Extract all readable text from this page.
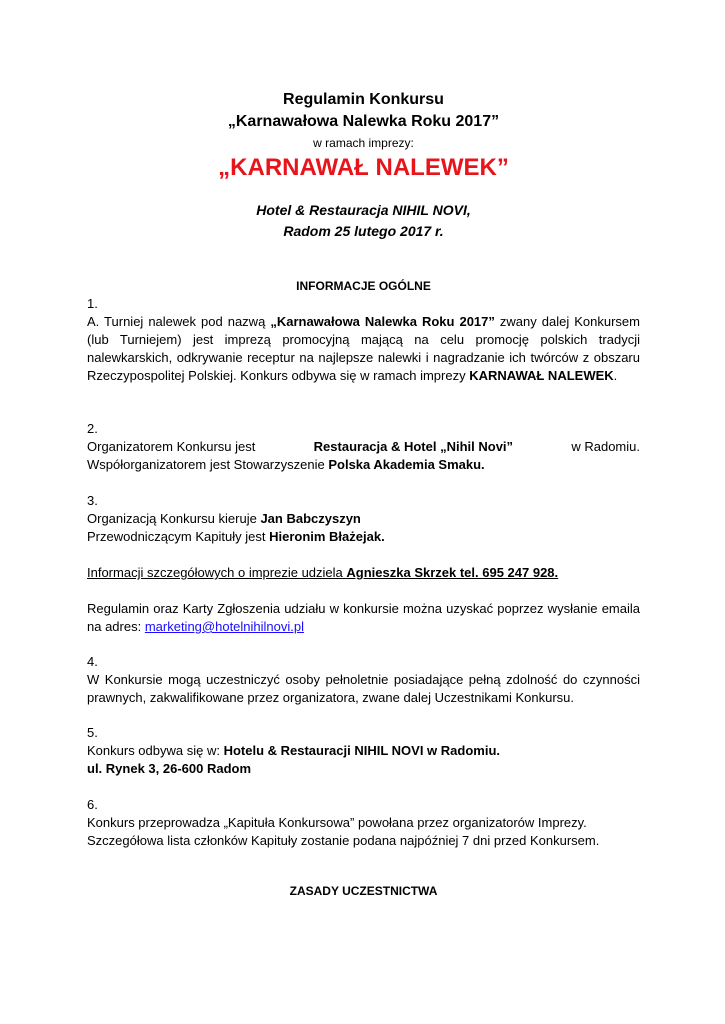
Regulamin Konkursu
„Karnawałowa Nalewka Roku 2017”
w ramach imprezy:
„KARNAWAŁ NALEWEK”
Hotel & Restauracja NIHIL NOVI,
Radom 25 lutego 2017 r.
INFORMACJE OGÓLNE
1.
A. Turniej nalewek pod nazwą „Karnawałowa Nalewka Roku 2017” zwany dalej Konkursem (lub Turniejem) jest imprezą promocyjną mającą na celu promocję polskich tradycji nalewkarskich, odkrywanie receptur na najlepsze nalewki i nagradzanie ich twórców z obszaru Rzeczypospolitej Polskiej. Konkurs odbywa się w ramach imprezy KARNAWAŁ NALEWEK.
2.
Organizatorem Konkursu jest	Restauracja & Hotel „Nihil Novi”	w Radomiu.
Współorganizatorem jest Stowarzyszenie Polska Akademia Smaku.
3.
Organizacją Konkursu kieruje Jan Babczyszyn
Przewodniczącym Kapituły jest Hieronim Błażejak.
Informacji szczegółowych o imprezie udziela Agnieszka Skrzek tel. 695 247 928.
Regulamin oraz Karty Zgłoszenia udziału w konkursie można uzyskać poprzez wysłanie emaila na adres: marketing@hotelnihilnovi.pl
4.
W Konkursie mogą uczestniczyć osoby pełnoletnie posiadające pełną zdolność do czynności prawnych, zakwalifikowane przez organizatora, zwane dalej Uczestnikami Konkursu.
5.
Konkurs odbywa się w: Hotelu & Restauracji NIHIL NOVI w Radomiu.
ul. Rynek 3, 26-600 Radom
6.
Konkurs przeprowadza „Kapituła Konkursowa” powołana przez organizatorów Imprezy.
Szczegółowa lista członków Kapituły zostanie podana najpóźniej 7 dni przed Konkursem.
ZASADY UCZESTNICTWA
